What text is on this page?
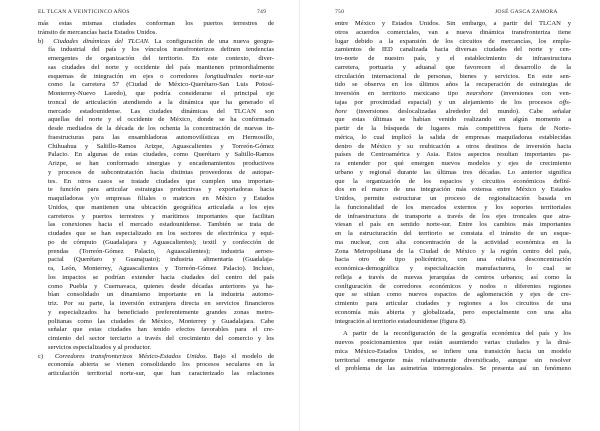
EL TLCAN A VEINTICINCO AÑOS	749
más estas mismas ciudades conforman los puertos terrestres de
tránsito de mercancías hacia Estados Unidos.
b) Ciudades dinámicas del TLCAN. La configuración de una nueva geogra-
fía industrial del país y los vínculos transfronterizos definen tendencias
emergentes de organización del territorio. En este contexto, diver-
sas ciudades del norte y occidente del país mantienen primordialmente
esquemas de integración en ejes o corredores longitudinales norte-sur
como la carretera 57 (Ciudad de México-Querétaro-San Luis Potosí-
Monterrey-Nuevo Laredo), que podría considerarse el principal eje
troncal de articulación atendiendo a la dinámica que ha generado el
mercado estadounidense. Las ciudades dinámicas del TLCAN son
aquellas del norte y el occidente de México, donde se ha conformado
desde mediados de la década de los ochenta la concentración de nuevas in-
fraestructuras para las ensambladoras automovilísticas en Hermosillo,
Chihuahua y Saltillo-Ramos Arizpe, Aguascalientes y Torreón-Gómez
Palacio. En algunas de estas ciudades, como Querétaro y Saltillo-Ramos
Arizpe, se han conformado sinergias y encadenamientos productivos
y procesos de subcontratación hacia distintas proveedoras de autopar-
tes. En otros casos se tratade ciudades que cumplen una importan-
te función para articular estrategias productivas y exportadoras hacia
maquiladoras y/o empresas filiales o matrices en México y Estados
Unidos, que mantienen una ubicación geográfica articulada a los ejes
carreteros y puertos terrestres y marítimos importantes que facilitan
las conexiones hacia el mercado estadounidense. También se trata de
ciudades que se han especializado en los sectores de electrónica y equi-
po de cómputo (Guadalajara y Aguascalientes); textil y confección de
prendas (Torreón-Gómez Palacio, Aguascalientes); industria aeroes-
pacial (Querétaro y Guanajuato); industria alimentaria (Guadalaja-
ra, León, Monterrey, Aguascalientes y Torreón-Gómez Palacio). Incluso,
los impactos se podrían extender hacia ciudades del centro del país
como Puebla y Cuernavaca, quienes desde décadas anteriores ya ha-
bían consolidado un dinamismo importante en la industria automo-
triz. Por su parte, la inversión extranjera directa en servicios financieros
y especializados ha beneficiado preferentemente grandes zonas metro-
politanas como las ciudades de México, Monterrey y Guadalajara. Cabe
señalar que estas ciudades han tenido efectos favorables para el cre-
cimiento del sector terciario a través del crecimiento del comercio y los
servicios especializados y al productor.
c) Corredores transfronterizos México-Estados Unidos. Bajo el modelo de
economía abierta se vienen consolidando los procesos seculares en la
articulación territorial norte-sur, que han caracterizado las relaciones
750	JOSÉ GASCA ZAMORA
entre México y Estados Unidos. Sin embargo, a partir del TLCAN y
otros acuerdos comerciales, van a nueva dinámica transfronteriza tiene
lugar debido a la expansión de los circuitos de mercancías, los empla-
zamientos de IED canalizada hacia diversas ciudades del norte y cen-
tro-norte de nuestro país, y el establecimiento de infraestructura
carretera, portuaria y aduanal que favorecen el desarrollo de la
circulación internacional de personas, bienes y servicios. En este sen-
tido se observa en los últimos años la recuperación de estrategias de
inversión en territorio mexicano tipo nearshore (inversiones con ven-
tajas por proximidad espacial) y un alejamiento de los procesos offs-
hore (inversiones deslocalizadas alrededor del mundo). Cabe señalar
que estas últimas se habían venido realizando en algún momento a
partir de la búsqueda de lugares más competitivos fuera de Norte-
mérica, lo cual implicó la salida de empresas maquiladoras establecidas
dentro de México y su reubicación a otros destinos de inversión hacia
países de Centroamérica y Asia. Estos aspectos resultan importantes pa-
ra entender por qué emergen nuevos modelos y ejes de crecimiento
urbano y regional durante las últimas tres décadas. Lo anterior significa
que la organización de los espacios y circuitos económicos definí-
dos en el marco de una integración más extensa entre México y Estados
Unidos, permite estructurar un proceso de regionalización basada en
la funcionalidad de los mercados externos y los soportes territoriales
de infraestructura de transporte a través de los ejes troncales que atra-
viesan el país en sentido norte-sur. Entre los cambios más importantes
en la estructuración del territorio se constata el tránsito de un esque-
ma nuclear, con alta concentración de la actividad económica en la
Zona Metropolitana de la Ciudad de México y la región centro del país,
hacia otro de tipo policéntrico, con una relativa desconcentración
económica-demográfica y especialización manufacturera, lo cual se
refleja a través de nuevas jerarquías de centros urbanos; así como la
configuración de corredores económicos y nodos o diferentes regiones
que se sitúan como nuevos espacios de aglomeración y ejes de cre-
cimiento para articular ciudades y regiones a los circuitos de una
economía más abierta y globalizada, pero especialmente con una alta
integración al territorio estadounidense (figura 8).
A partir de la reconfiguración de la geografía económica del país y los
nuevos posicionamientos que están asumiendo varias ciudades y la diná-
mica México-Estados Unidos, se infiere una transición hacia un modelo
territorial emergente más relativamente diversificado, aunque sin resolver
el problema de las asimetrías interregionales. Se presenta así un fenómeno
